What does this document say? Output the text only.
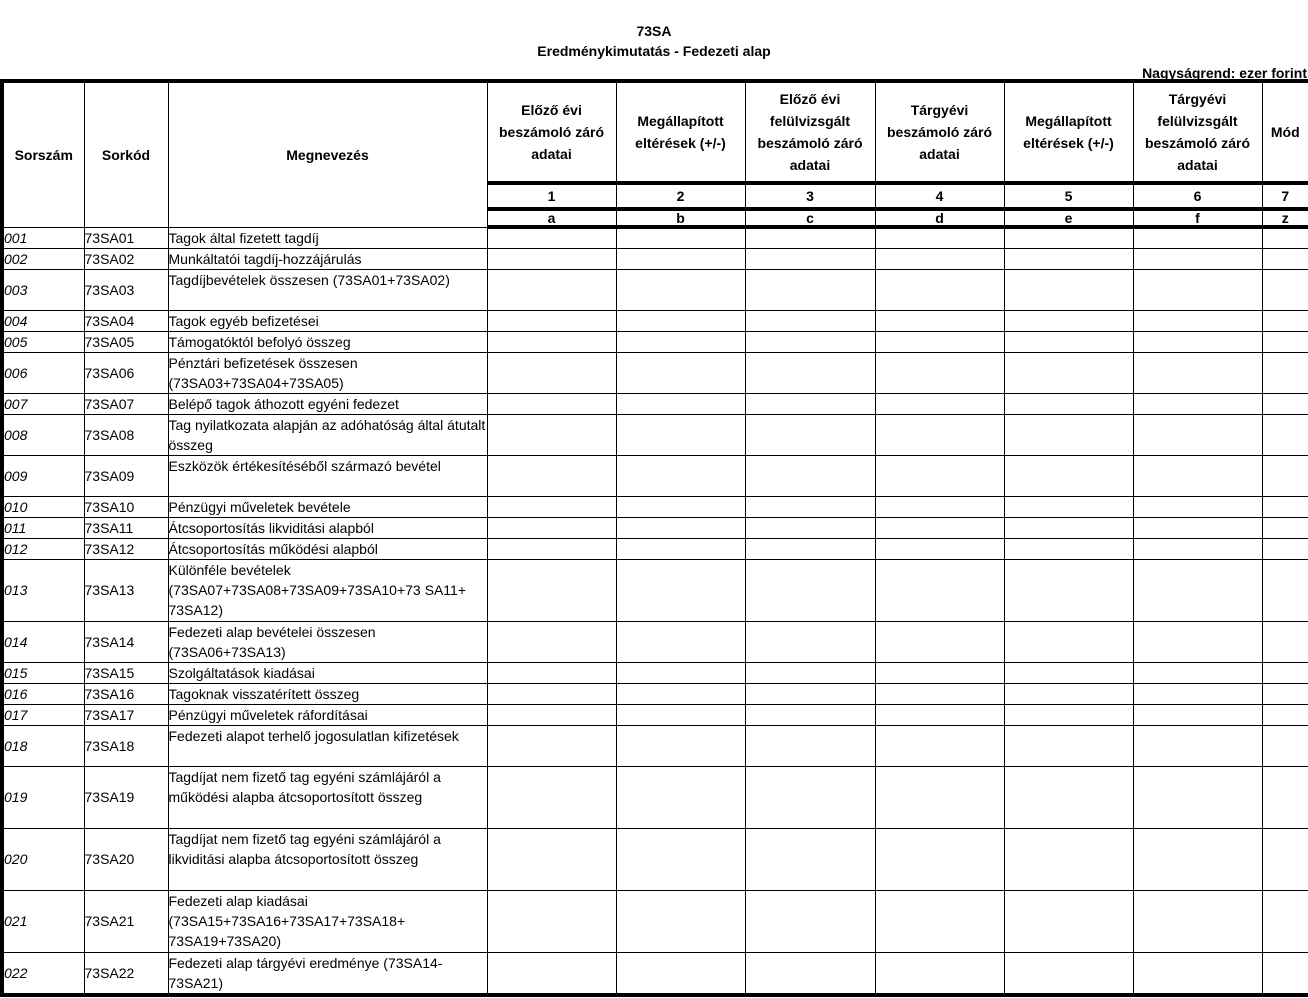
73SA
Eredménykimutatás - Fedezeti alap
Nagyságrend: ezer forint
Sorszám	Sorkód	Megnevezés	Előző évi beszámoló záró adatai	Megállapított eltérések (+/-)	Előző évi felülvizsgált beszámoló záró adatai	Tárgyévi beszámoló záró adatai	Megállapított eltérések (+/-)	Tárgyévi felülvizsgált beszámoló záró adatai	Mód
			1	2	3	4	5	6	7
			a	b	c	d	e	f	z
001	73SA01	Tagok által fizetett tagdíj							
002	73SA02	Munkáltatói tagdíj-hozzájárulás							
003	73SA03	Tagdíjbevételek összesen (73SA01+73SA02)							
004	73SA04	Tagok egyéb befizetései							
005	73SA05	Támogatóktól befolyó összeg							
006	73SA06	Pénztári befizetések összesen (73SA03+73SA04+73SA05)							
007	73SA07	Belépő tagok áthozott egyéni fedezet							
008	73SA08	Tag nyilatkozata alapján az adóhatóság által átutalt összeg							
009	73SA09	Eszközök értékesítéséből származó bevétel							
010	73SA10	Pénzügyi műveletek bevétele							
011	73SA11	Átcsoportosítás likviditási alapból							
012	73SA12	Átcsoportosítás működési alapból							
013	73SA13	Különféle bevételek (73SA07+73SA08+73SA09+73SA10+73 SA11+ 73SA12)							
014	73SA14	Fedezeti alap bevételei összesen (73SA06+73SA13)							
015	73SA15	Szolgáltatások kiadásai							
016	73SA16	Tagoknak visszatérített összeg							
017	73SA17	Pénzügyi műveletek ráfordításai							
018	73SA18	Fedezeti alapot terhelő jogosulatlan kifizetések							
019	73SA19	Tagdíjat nem fizető tag egyéni számlájáról a működési alapba átcsoportosított összeg							
020	73SA20	Tagdíjat nem fizető tag egyéni számlájáról a likviditási alapba átcsoportosított összeg							
021	73SA21	Fedezeti alap kiadásai (73SA15+73SA16+73SA17+73SA18+ 73SA19+73SA20)							
022	73SA22	Fedezeti alap tárgyévi eredménye (73SA14-73SA21)							
